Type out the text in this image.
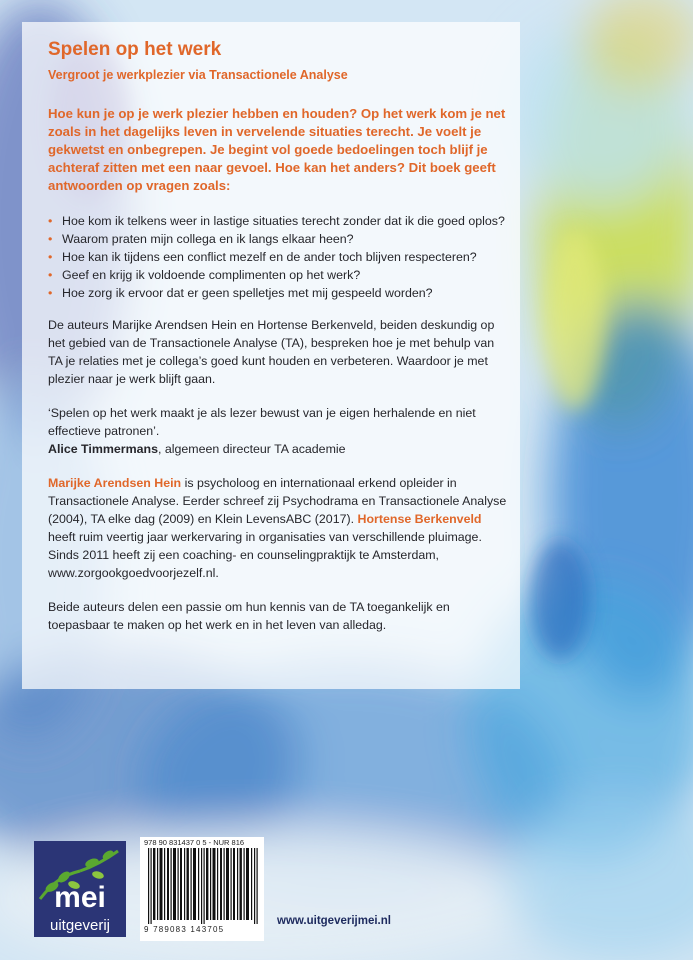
Spelen op het werk

Vergroot je werkplezier via Transactionele Analyse

Hoe kun je op je werk plezier hebben en houden? Op het werk kom je net zoals in het dagelijks leven in vervelende situaties terecht. Je voelt je gekwetst en onbegrepen. Je begint vol goede bedoelingen toch blijf je achteraf zitten met een naar gevoel. Hoe kan het anders? Dit boek geeft antwoorden op vragen zoals:

• Hoe kom ik telkens weer in lastige situaties terecht zonder dat ik die goed oplos?
• Waarom praten mijn collega en ik langs elkaar heen?
• Hoe kan ik tijdens een conflict mezelf en de ander toch blijven respecteren?
• Geef en krijg ik voldoende complimenten op het werk?
• Hoe zorg ik ervoor dat er geen spelletjes met mij gespeeld worden?

De auteurs Marijke Arendsen Hein en Hortense Berkenveld, beiden deskundig op het gebied van de Transactionele Analyse (TA), bespreken hoe je met behulp van TA je relaties met je collega’s goed kunt houden en verbeteren. Waardoor je met plezier naar je werk blijft gaan.

‘Spelen op het werk maakt je als lezer bewust van je eigen herhalende en niet effectieve patronen’.
Alice Timmermans, algemeen directeur TA academie

Marijke Arendsen Hein is psycholoog en internationaal erkend opleider in Transactionele Analyse. Eerder schreef zij Psychodrama en Transactionele Analyse (2004), TA elke dag (2009) en Klein LevensABC (2017). Hortense Berkenveld heeft ruim veertig jaar werkervaring in organisaties van verschillende pluimage. Sinds 2011 heeft zij een coaching- en counselingpraktijk te Amsterdam, www.zorgookgoedvoorjezelf.nl.

Beide auteurs delen een passie om hun kennis van de TA toegankelijk en toepasbaar te maken op het werk en in het leven van alledag.

mei
uitgeverij
978 90 831437 0 5 - NUR 816
9 789083 143705
www.uitgeverijmei.nl
